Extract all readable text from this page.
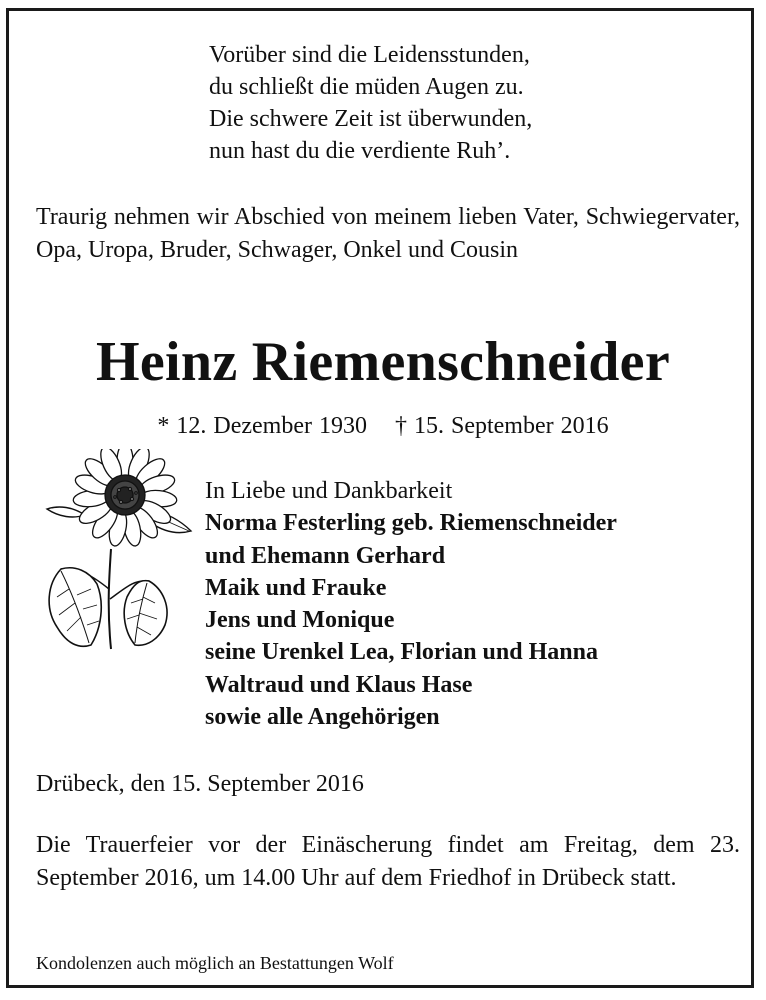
Vorüber sind die Leidensstunden,
du schließt die müden Augen zu.
Die schwere Zeit ist überwunden,
nun hast du die verdiente Ruh’.

Traurig nehmen wir Abschied von meinem lieben Vater, Schwiegervater, Opa, Uropa, Bruder, Schwager, Onkel und Cousin

Heinz Riemenschneider
* 12. Dezember 1930 † 15. September 2016
In Liebe und Dankbarkeit
Norma Festerling geb. Riemenschneider
und Ehemann Gerhard
Maik und Frauke
Jens und Monique
seine Urenkel Lea, Florian und Hanna
Waltraud und Klaus Hase
sowie alle Angehörigen

Drübeck, den 15. September 2016

Die Trauerfeier vor der Einäscherung findet am Freitag, dem 23. September 2016, um 14.00 Uhr auf dem Friedhof in Drübeck statt.

Kondolenzen auch möglich an Bestattungen Wolf
